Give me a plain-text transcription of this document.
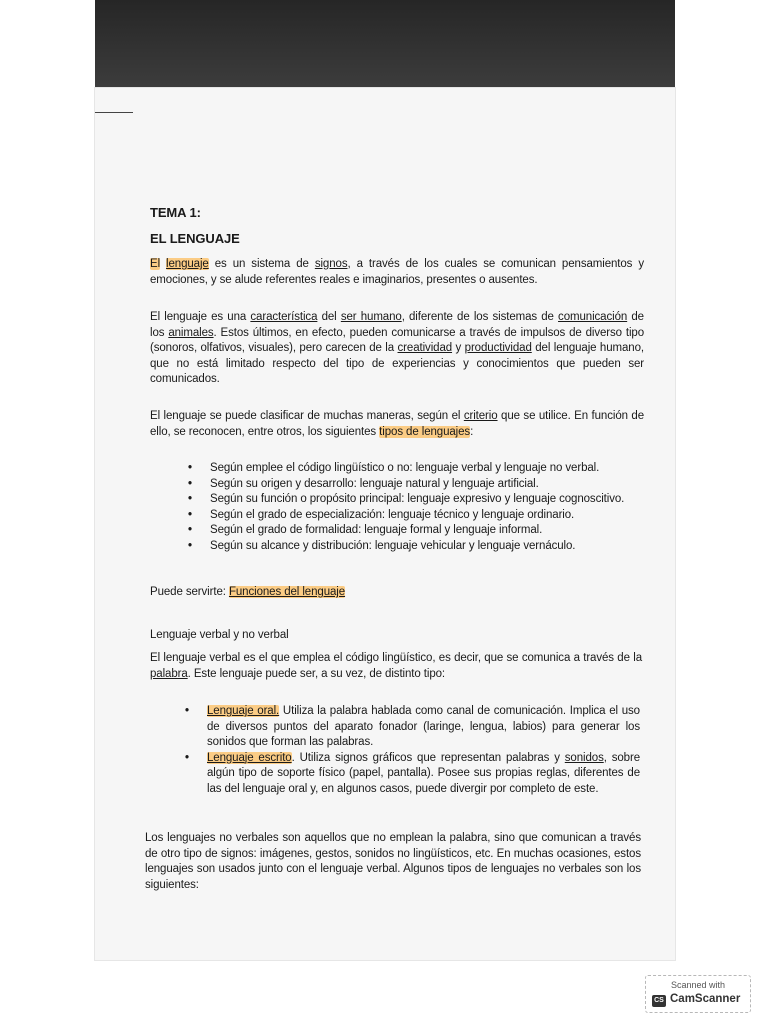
TEMA 1:
EL LENGUAJE
El lenguaje es un sistema de signos, a través de los cuales se comunican pensamientos y emociones, y se alude referentes reales e imaginarios, presentes o ausentes.
El lenguaje es una característica del ser humano, diferente de los sistemas de comunicación de los animales. Estos últimos, en efecto, pueden comunicarse a través de impulsos de diverso tipo (sonoros, olfativos, visuales), pero carecen de la creatividad y productividad del lenguaje humano, que no está limitado respecto del tipo de experiencias y conocimientos que pueden ser comunicados.
El lenguaje se puede clasificar de muchas maneras, según el criterio que se utilice. En función de ello, se reconocen, entre otros, los siguientes tipos de lenguajes:
• Según emplee el código lingüístico o no: lenguaje verbal y lenguaje no verbal.
• Según su origen y desarrollo: lenguaje natural y lenguaje artificial.
• Según su función o propósito principal: lenguaje expresivo y lenguaje cognoscitivo.
• Según el grado de especialización: lenguaje técnico y lenguaje ordinario.
• Según el grado de formalidad: lenguaje formal y lenguaje informal.
• Según su alcance y distribución: lenguaje vehicular y lenguaje vernáculo.
Puede servirte: Funciones del lenguaje
Lenguaje verbal y no verbal
El lenguaje verbal es el que emplea el código lingüístico, es decir, que se comunica a través de la palabra. Este lenguaje puede ser, a su vez, de distinto tipo:
• Lenguaje oral. Utiliza la palabra hablada como canal de comunicación. Implica el uso de diversos puntos del aparato fonador (laringe, lengua, labios) para generar los sonidos que forman las palabras.
• Lenguaje escrito. Utiliza signos gráficos que representan palabras y sonidos, sobre algún tipo de soporte físico (papel, pantalla). Posee sus propias reglas, diferentes de las del lenguaje oral y, en algunos casos, puede divergir por completo de este.
Los lenguajes no verbales son aquellos que no emplean la palabra, sino que comunican a través de otro tipo de signos: imágenes, gestos, sonidos no lingüísticos, etc. En muchas ocasiones, estos lenguajes son usados junto con el lenguaje verbal. Algunos tipos de lenguajes no verbales son los siguientes:
Scanned with
CS CamScanner
